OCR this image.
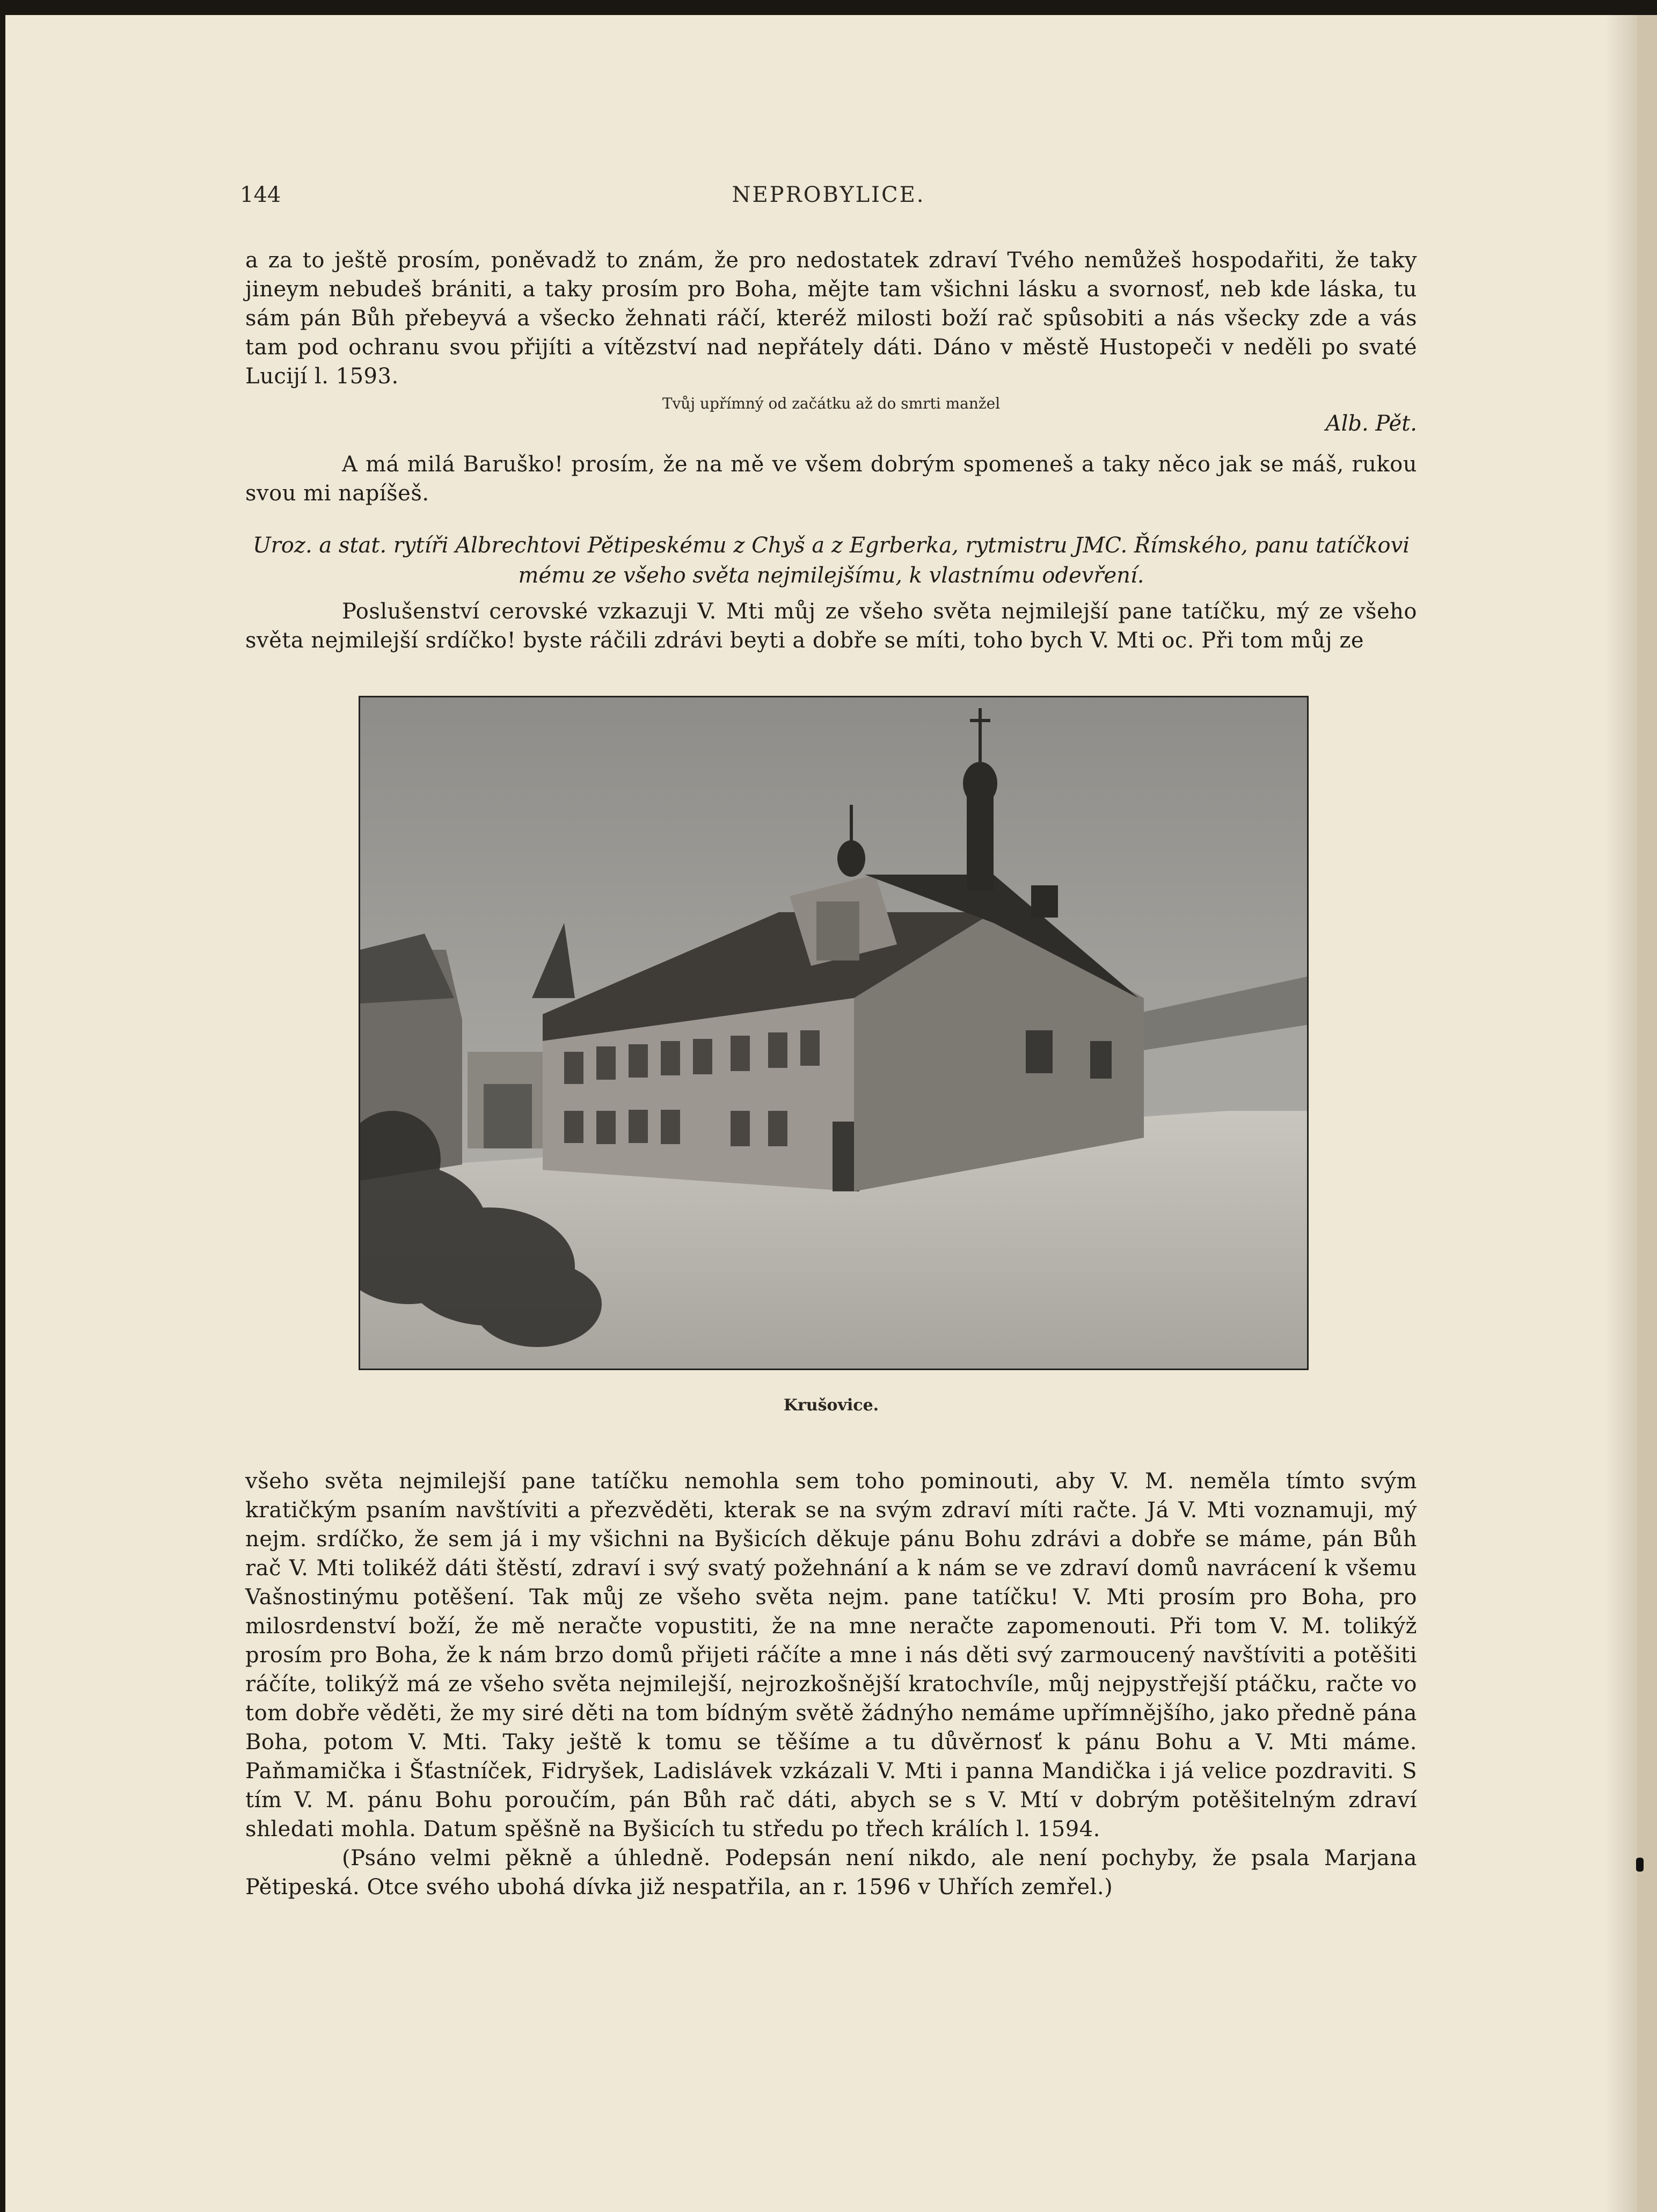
144	NEPROBYLICE.

a za to ještě prosím, poněvadž to znám, že pro nedostatek zdraví Tvého nemůžeš hospodařiti, že taky jineym nebudeš brániti, a taky prosím pro Boha, mějte tam všichni lásku a svornosť, neb kde láska, tu sám pán Bůh přebeyvá a všecko žehnati ráčí, kteréž milosti boží rač spůsobiti a nás všecky zde a vás tam pod ochranu svou přijíti a vítězství nad nepřátely dáti. Dáno v městě Hustopeči v neděli po svaté Lucijí l. 1593.

Tvůj upřímný od začátku až do smrti manžel
Alb. Pět.

A má milá Baruško! prosím, že na mě ve všem dobrým spomeneš a taky něco jak se máš, rukou svou mi napíšeš.

Uroz. a stat. rytíři Albrechtovi Pětipeskému z Chyš a z Egrberka, rytmistru JMC. Římského, panu tatíčkovi
mému ze všeho světa nejmilejšímu, k vlastnímu odevření.

Poslušenství cerovské vzkazuji V. Mti můj ze všeho světa nejmilejší pane tatíčku, mý ze všeho světa nejmilejší srdíčko! byste ráčili zdrávi beyti a dobře se míti, toho bych V. Mti oc. Při tom můj ze

Krušovice.

všeho světa nejmilejší pane tatíčku nemohla sem toho pominouti, aby V. M. neměla tímto svým kratičkým psaním navštíviti a přezvěděti, kterak se na svým zdraví míti račte. Já V. Mti voznamuji, mý nejm. srdíčko, že sem já i my všichni na Byšicích děkuje pánu Bohu zdrávi a dobře se máme, pán Bůh rač V. Mti tolikéž dáti štěstí, zdraví i svý svatý požehnání a k nám se ve zdraví domů navrácení k všemu Vašnostinýmu potěšení. Tak můj ze všeho světa nejm. pane tatíčku! V. Mti prosím pro Boha, pro milosrdenství boží, že mě neračte vopustiti, že na mne neračte zapomenouti. Při tom V. M. tolikýž prosím pro Boha, že k nám brzo domů přijeti ráčíte a mne i nás děti svý zarmoucený navštíviti a potěšiti ráčíte, tolikýž má ze všeho světa nejmilejší, nejrozkošnější kratochvíle, můj nejpystřejší ptáčku, račte vo tom dobře věděti, že my siré děti na tom bídným světě žádnýho nemáme upřímnějšího, jako předně pána Boha, potom V. Mti. Taky ještě k tomu se těšíme a tu důvěrnosť k pánu Bohu a V. Mti máme. Paňmamička i Šťastníček, Fidryšek, Ladislávek vzkázali V. Mti i panna Mandička i já velice pozdraviti. S tím V. M. pánu Bohu poroučím, pán Bůh rač dáti, abych se s V. Mtí v dobrým potěšitelným zdraví shledati mohla. Datum spěšně na Byšicích tu středu po třech králích l. 1594.

(Psáno velmi pěkně a úhledně. Podepsán není nikdo, ale není pochyby, že psala Marjana Pětipeská. Otce svého ubohá dívka již nespatřila, an r. 1596 v Uhřích zemřel.)
